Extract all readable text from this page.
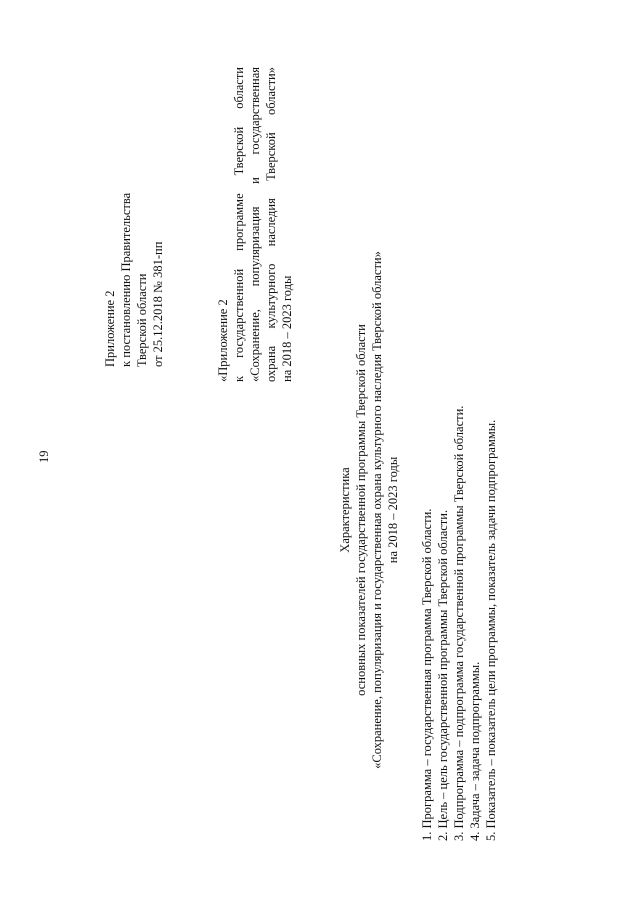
19
Приложение 2 к постановлению Правительства Тверской области от 25.12.2018 № 381-пп	«Приложение 2 к государственной программе Тверской области «Сохранение, популяризация и государственная охрана культурного наследия Тверской области» на 2018 – 2023 годы
Характеристика основных показателей государственной программы Тверской области «Сохранение, популяризация и государственная охрана культурного наследия Тверской области» на 2018 – 2023 годы 1. Программа – государственная программа Тверской области. 2. Цель – цель государственной программы Тверской области. 3. Подпрограмма – подпрограмма государственной программы Тверской области. 4. Задача – задача подпрограммы. 5. Показатель – показатель цели программы, показатель задачи подпрограммы.
